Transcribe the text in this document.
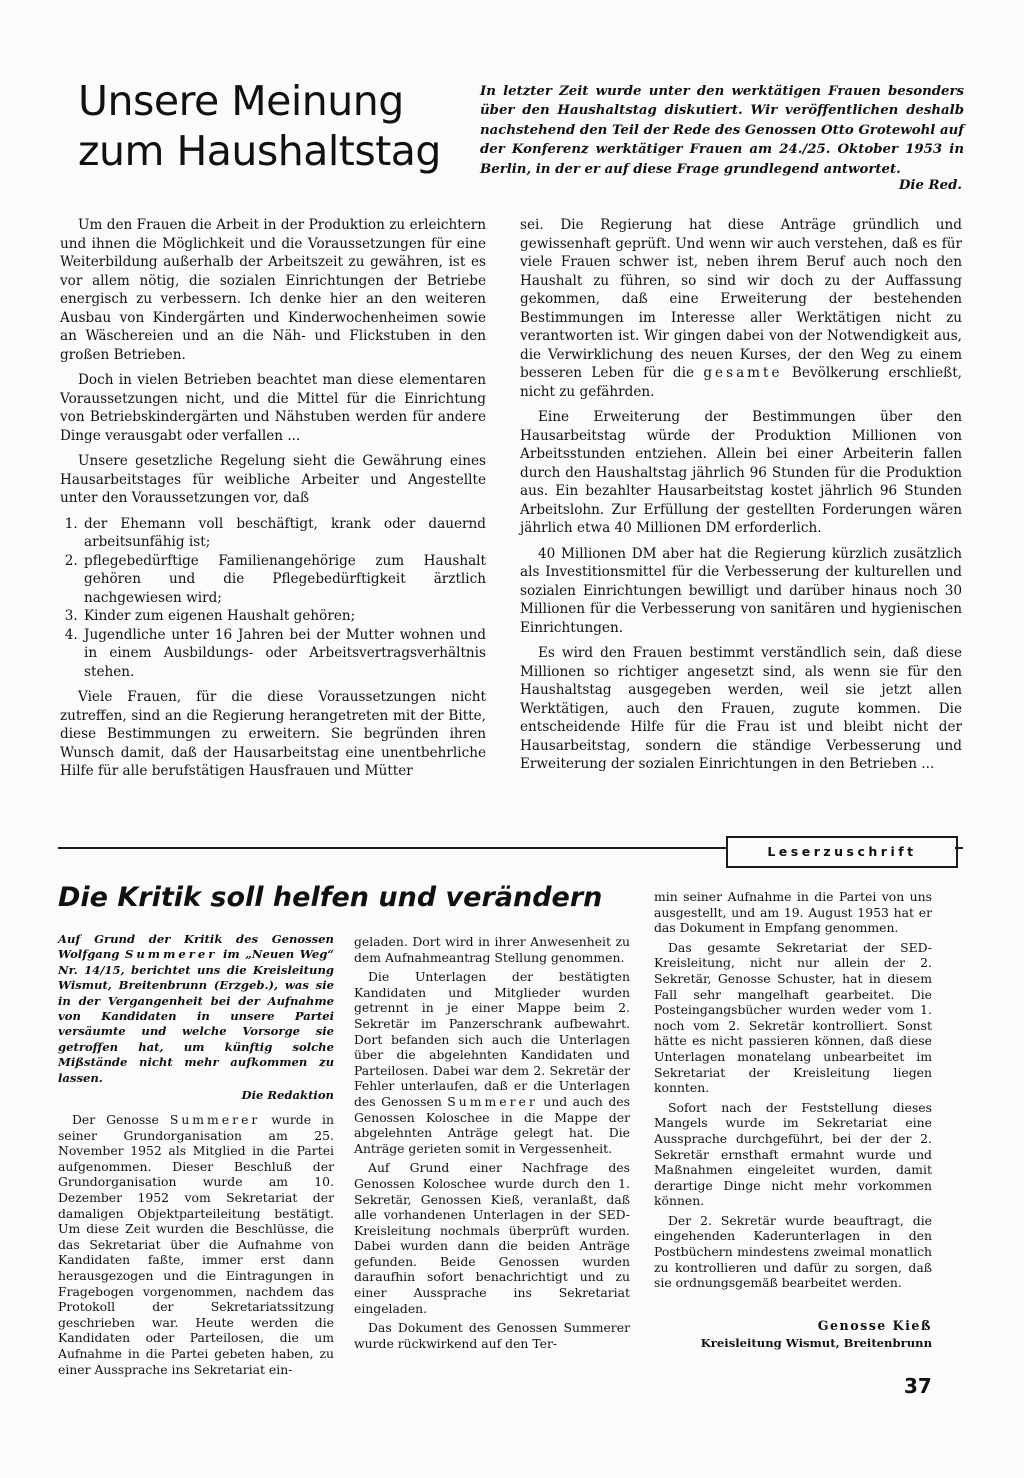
Unsere Meinung
zum Haushaltstag

In letzter Zeit wurde unter den werktätigen Frauen besonders über den Haushaltstag diskutiert. Wir veröffentlichen deshalb nachstehend den Teil der Rede des Genossen Otto Grotewohl auf der Konferenz werktätiger Frauen am 24./25. Oktober 1953 in Berlin, in der er auf diese Frage grundlegend antwortet.

Die Red.

Um den Frauen die Arbeit in der Produktion zu erleichtern und ihnen die Möglichkeit und die Voraussetzungen für eine Weiterbildung außerhalb der Arbeitszeit zu gewähren, ist es vor allem nötig, die sozialen Einrichtungen der Betriebe energisch zu verbessern. Ich denke hier an den weiteren Ausbau von Kindergärten und Kinderwochenheimen sowie an Wäschereien und an die Näh- und Flickstuben in den großen Betrieben.

Doch in vielen Betrieben beachtet man diese elementaren Voraussetzungen nicht, und die Mittel für die Einrichtung von Betriebskindergärten und Nähstuben werden für andere Dinge verausgabt oder verfallen ...

Unsere gesetzliche Regelung sieht die Gewährung eines Hausarbeitstages für weibliche Arbeiter und Angestellte unter den Voraussetzungen vor, daß

1. der Ehemann voll beschäftigt, krank oder dauernd arbeitsunfähig ist;
2. pflegebedürftige Familienangehörige zum Haushalt gehören und die Pflegebedürftigkeit ärztlich nachgewiesen wird;
3. Kinder zum eigenen Haushalt gehören;
4. Jugendliche unter 16 Jahren bei der Mutter wohnen und in einem Ausbildungs- oder Arbeitsvertragsverhältnis stehen.

Viele Frauen, für die diese Voraussetzungen nicht zutreffen, sind an die Regierung herangetreten mit der Bitte, diese Bestimmungen zu erweitern. Sie begründen ihren Wunsch damit, daß der Hausarbeitstag eine unentbehrliche Hilfe für alle berufstätigen Hausfrauen und Mütter

sei. Die Regierung hat diese Anträge gründlich und gewissenhaft geprüft. Und wenn wir auch verstehen, daß es für viele Frauen schwer ist, neben ihrem Beruf auch noch den Haushalt zu führen, so sind wir doch zu der Auffassung gekommen, daß eine Erweiterung der bestehenden Bestimmungen im Interesse aller Werktätigen nicht zu verantworten ist. Wir gingen dabei von der Notwendigkeit aus, die Verwirklichung des neuen Kurses, der den Weg zu einem besseren Leben für die gesamte Bevölkerung erschließt, nicht zu gefährden.

Eine Erweiterung der Bestimmungen über den Hausarbeitstag würde der Produktion Millionen von Arbeitsstunden entziehen. Allein bei einer Arbeiterin fallen durch den Haushaltstag jährlich 96 Stunden für die Produktion aus. Ein bezahlter Hausarbeitstag kostet jährlich 96 Stunden Arbeitslohn. Zur Erfüllung der gestellten Forderungen wären jährlich etwa 40 Millionen DM erforderlich.

40 Millionen DM aber hat die Regierung kürzlich zusätzlich als Investitionsmittel für die Verbesserung der kulturellen und sozialen Einrichtungen bewilligt und darüber hinaus noch 30 Millionen für die Verbesserung von sanitären und hygienischen Einrichtungen.

Es wird den Frauen bestimmt verständlich sein, daß diese Millionen so richtiger angesetzt sind, als wenn sie für den Haushaltstag ausgegeben werden, weil sie jetzt allen Werktätigen, auch den Frauen, zugute kommen. Die entscheidende Hilfe für die Frau ist und bleibt nicht der Hausarbeitstag, sondern die ständige Verbesserung und Erweiterung der sozialen Einrichtungen in den Betrieben ...

Leserzuschrift
Die Kritik soll helfen und verändern

Auf Grund der Kritik des Genossen Wolfgang Summerer im „Neuen Weg“ Nr. 14/15, berichtet uns die Kreisleitung Wismut, Breitenbrunn (Erzgeb.), was sie in der Vergangenheit bei der Aufnahme von Kandidaten in unsere Partei versäumte und welche Vorsorge sie getroffen hat, um künftig solche Mißstände nicht mehr aufkommen zu lassen.

Die Redaktion

Der Genosse Summerer wurde in seiner Grundorganisation am 25. November 1952 als Mitglied in die Partei aufgenommen. Dieser Beschluß der Grundorganisation wurde am 10. Dezember 1952 vom Sekretariat der damaligen Objektparteileitung bestätigt. Um diese Zeit wurden die Beschlüsse, die das Sekretariat über die Aufnahme von Kandidaten faßte, immer erst dann herausgezogen und die Eintragungen in Fragebogen vorgenommen, nachdem das Protokoll der Sekretariatssitzung geschrieben war. Heute werden die Kandidaten oder Parteilosen, die um Aufnahme in die Partei gebeten haben, zu einer Aussprache ins Sekretariat ein-

geladen. Dort wird in ihrer Anwesenheit zu dem Aufnahmeantrag Stellung genommen.

Die Unterlagen der bestätigten Kandidaten und Mitglieder wurden getrennt in je einer Mappe beim 2. Sekretär im Panzerschrank aufbewahrt. Dort befanden sich auch die Unterlagen über die abgelehnten Kandidaten und Parteilosen. Dabei war dem 2. Sekretär der Fehler unterlaufen, daß er die Unterlagen des Genossen Summerer und auch des Genossen Koloschee in die Mappe der abgelehnten Anträge gelegt hat. Die Anträge gerieten somit in Vergessenheit.

Auf Grund einer Nachfrage des Genossen Koloschee wurde durch den 1. Sekretär, Genossen Kieß, veranlaßt, daß alle vorhandenen Unterlagen in der SED-Kreisleitung nochmals überprüft wurden. Dabei wurden dann die beiden Anträge gefunden. Beide Genossen wurden daraufhin sofort benachrichtigt und zu einer Aussprache ins Sekretariat eingeladen.

Das Dokument des Genossen Summerer wurde rückwirkend auf den Ter-

min seiner Aufnahme in die Partei von uns ausgestellt, und am 19. August 1953 hat er das Dokument in Empfang genommen.

Das gesamte Sekretariat der SED-Kreisleitung, nicht nur allein der 2. Sekretär, Genosse Schuster, hat in diesem Fall sehr mangelhaft gearbeitet. Die Posteingangsbücher wurden weder vom 1. noch vom 2. Sekretär kontrolliert. Sonst hätte es nicht passieren können, daß diese Unterlagen monatelang unbearbeitet im Sekretariat der Kreisleitung liegen konnten.

Sofort nach der Feststellung dieses Mangels wurde im Sekretariat eine Aussprache durchgeführt, bei der der 2. Sekretär ernsthaft ermahnt wurde und Maßnahmen eingeleitet wurden, damit derartige Dinge nicht mehr vorkommen können.

Der 2. Sekretär wurde beauftragt, die eingehenden Kaderunterlagen in den Postbüchern mindestens zweimal monatlich zu kontrollieren und dafür zu sorgen, daß sie ordnungsgemäß bearbeitet werden.

Genosse Kieß
Kreisleitung Wismut, Breitenbrunn
37
